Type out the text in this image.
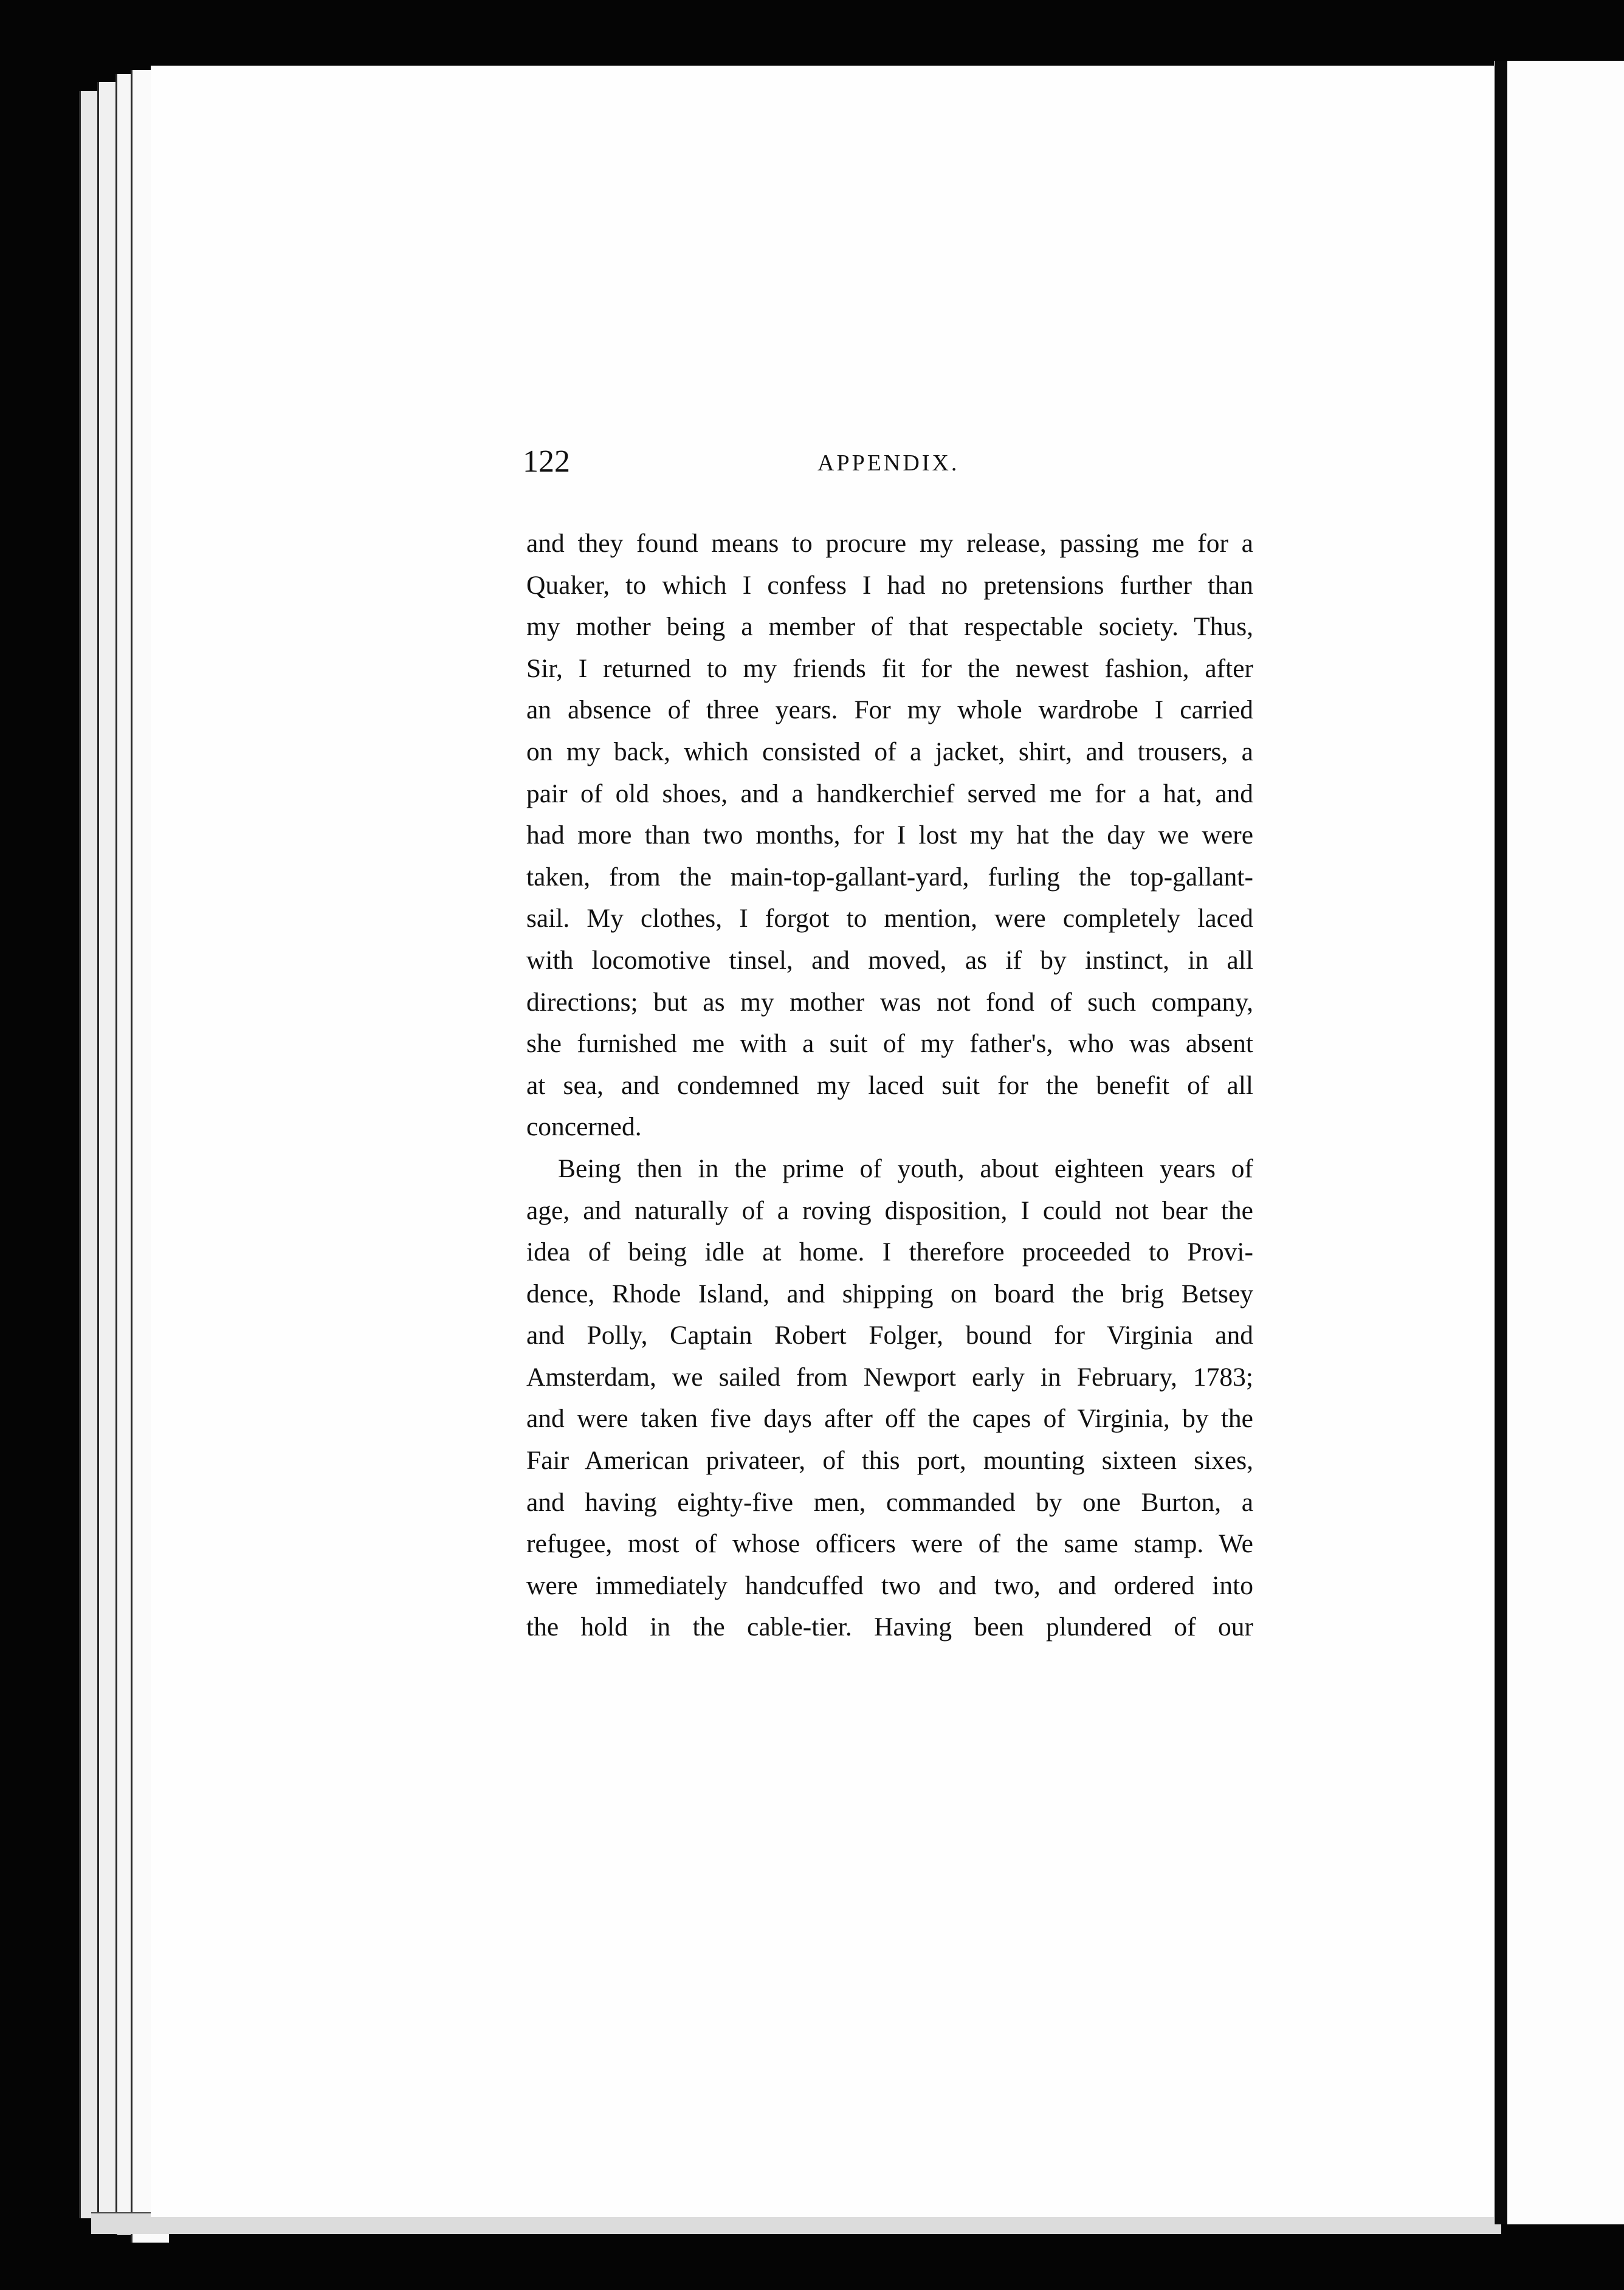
122	APPENDIX.
and they found means to procure my release, passing me for a
Quaker, to which I confess I had no pretensions further than
my mother being a member of that respectable society. Thus,
Sir, I returned to my friends fit for the newest fashion, after
an absence of three years. For my whole wardrobe I carried
on my back, which consisted of a jacket, shirt, and trousers, a
pair of old shoes, and a handkerchief served me for a hat, and
had more than two months, for I lost my hat the day we were
taken, from the main-top-gallant-yard, furling the top-gallant-
sail. My clothes, I forgot to mention, were completely laced
with locomotive tinsel, and moved, as if by instinct, in all
directions; but as my mother was not fond of such company,
she furnished me with a suit of my father's, who was absent
at sea, and condemned my laced suit for the benefit of all
concerned.
Being then in the prime of youth, about eighteen years of
age, and naturally of a roving disposition, I could not bear the
idea of being idle at home. I therefore proceeded to Provi-
dence, Rhode Island, and shipping on board the brig Betsey
and Polly, Captain Robert Folger, bound for Virginia and
Amsterdam, we sailed from Newport early in February, 1783;
and were taken five days after off the capes of Virginia, by the
Fair American privateer, of this port, mounting sixteen sixes,
and having eighty-five men, commanded by one Burton, a
refugee, most of whose officers were of the same stamp. We
were immediately handcuffed two and two, and ordered into
the hold in the cable-tier. Having been plundered of our
